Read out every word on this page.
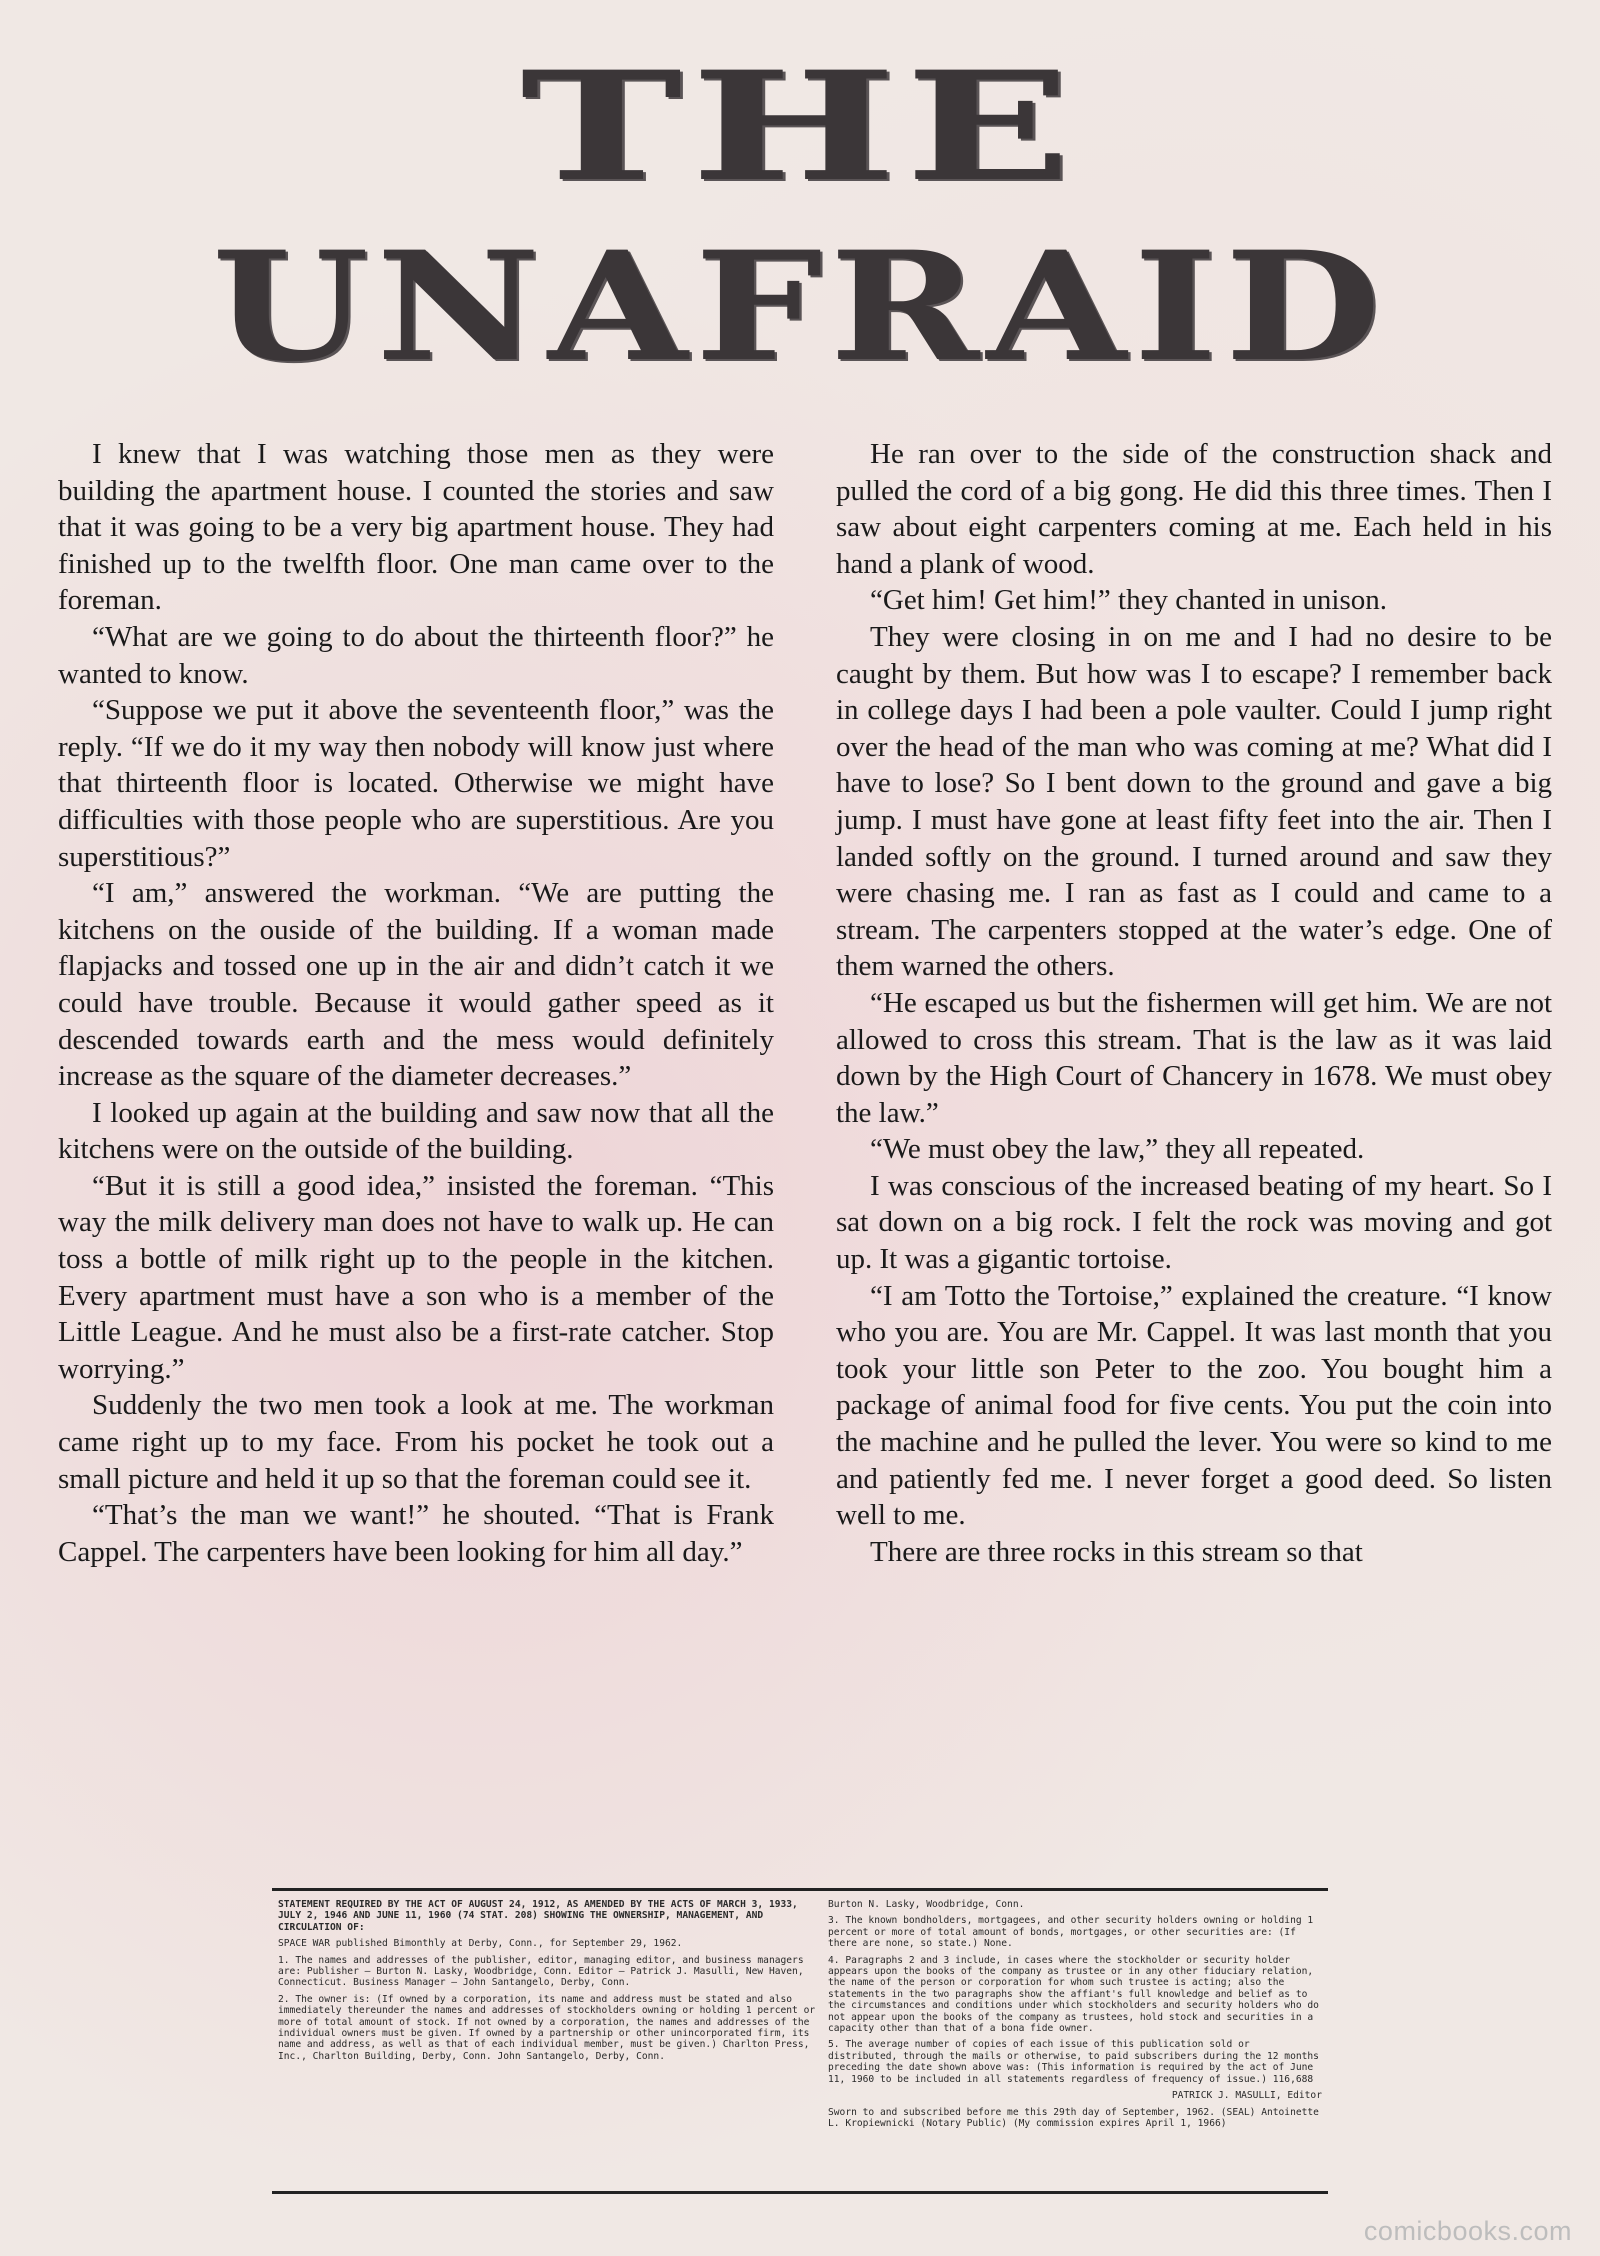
THE
UNAFRAID

I knew that I was watching those men as they were building the apartment house. I counted the stories and saw that it was going to be a very big apartment house. They had finished up to the twelfth floor. One man came over to the foreman.

“What are we going to do about the thirteenth floor?” he wanted to know.

“Suppose we put it above the seventeenth floor,” was the reply. “If we do it my way then nobody will know just where that thirteenth floor is located. Otherwise we might have difficulties with those people who are superstitious. Are you superstitious?”

“I am,” answered the workman. “We are putting the kitchens on the ouside of the building. If a woman made flapjacks and tossed one up in the air and didn’t catch it we could have trouble. Because it would gather speed as it descended towards earth and the mess would definitely increase as the square of the diameter decreases.”

I looked up again at the building and saw now that all the kitchens were on the outside of the building.

“But it is still a good idea,” insisted the foreman. “This way the milk delivery man does not have to walk up. He can toss a bottle of milk right up to the people in the kitchen. Every apartment must have a son who is a member of the Little League. And he must also be a first-rate catcher. Stop worrying.”

Suddenly the two men took a look at me. The workman came right up to my face. From his pocket he took out a small picture and held it up so that the foreman could see it.

“That’s the man we want!” he shouted. “That is Frank Cappel. The carpenters have been looking for him all day.”

He ran over to the side of the construction shack and pulled the cord of a big gong. He did this three times. Then I saw about eight carpenters coming at me. Each held in his hand a plank of wood.

“Get him! Get him!” they chanted in unison.

They were closing in on me and I had no desire to be caught by them. But how was I to escape? I remember back in college days I had been a pole vaulter. Could I jump right over the head of the man who was coming at me? What did I have to lose? So I bent down to the ground and gave a big jump. I must have gone at least fifty feet into the air. Then I landed softly on the ground. I turned around and saw they were chasing me. I ran as fast as I could and came to a stream. The carpenters stopped at the water’s edge. One of them warned the others.

“He escaped us but the fishermen will get him. We are not allowed to cross this stream. That is the law as it was laid down by the High Court of Chancery in 1678. We must obey the law.”

“We must obey the law,” they all repeated.

I was conscious of the increased beating of my heart. So I sat down on a big rock. I felt the rock was moving and got up. It was a gigantic tortoise.

“I am Totto the Tortoise,” explained the creature. “I know who you are. You are Mr. Cappel. It was last month that you took your little son Peter to the zoo. You bought him a package of animal food for five cents. You put the coin into the machine and he pulled the lever. You were so kind to me and patiently fed me. I never forget a good deed. So listen well to me.

There are three rocks in this stream so that

STATEMENT REQUIRED BY THE ACT OF AUGUST 24, 1912, AS AMENDED BY THE ACTS OF MARCH 3, 1933, JULY 2, 1946 AND JUNE 11, 1960 (74 STAT. 208) SHOWING THE OWNERSHIP, MANAGEMENT, AND CIRCULATION OF:

SPACE WAR published Bimonthly at Derby, Conn., for September 29, 1962.

1. The names and addresses of the publisher, editor, managing editor, and business managers are: Publisher — Burton N. Lasky, Woodbridge, Conn. Editor — Patrick J. Masulli, New Haven, Connecticut. Business Manager — John Santangelo, Derby, Conn.

2. The owner is: (If owned by a corporation, its name and address must be stated and also immediately thereunder the names and addresses of stockholders owning or holding 1 percent or more of total amount of stock. If not owned by a corporation, the names and addresses of the individual owners must be given. If owned by a partnership or other unincorporated firm, its name and address, as well as that of each individual member, must be given.) Charlton Press, Inc., Charlton Building, Derby, Conn. John Santangelo, Derby, Conn.

Burton N. Lasky, Woodbridge, Conn.

3. The known bondholders, mortgagees, and other security holders owning or holding 1 percent or more of total amount of bonds, mortgages, or other securities are: (If there are none, so state.) None.

4. Paragraphs 2 and 3 include, in cases where the stockholder or security holder appears upon the books of the company as trustee or in any other fiduciary relation, the name of the person or corporation for whom such trustee is acting; also the statements in the two paragraphs show the affiant's full knowledge and belief as to the circumstances and conditions under which stockholders and security holders who do not appear upon the books of the company as trustees, hold stock and securities in a capacity other than that of a bona fide owner.

5. The average number of copies of each issue of this publication sold or distributed, through the mails or otherwise, to paid subscribers during the 12 months preceding the date shown above was: (This information is required by the act of June 11, 1960 to be included in all statements regardless of frequency of issue.) 116,688

PATRICK J. MASULLI, Editor

Sworn to and subscribed before me this 29th day of September, 1962. (SEAL) Antoinette L. Kropiewnicki (Notary Public) (My commission expires April 1, 1966)

comicbooks.com
